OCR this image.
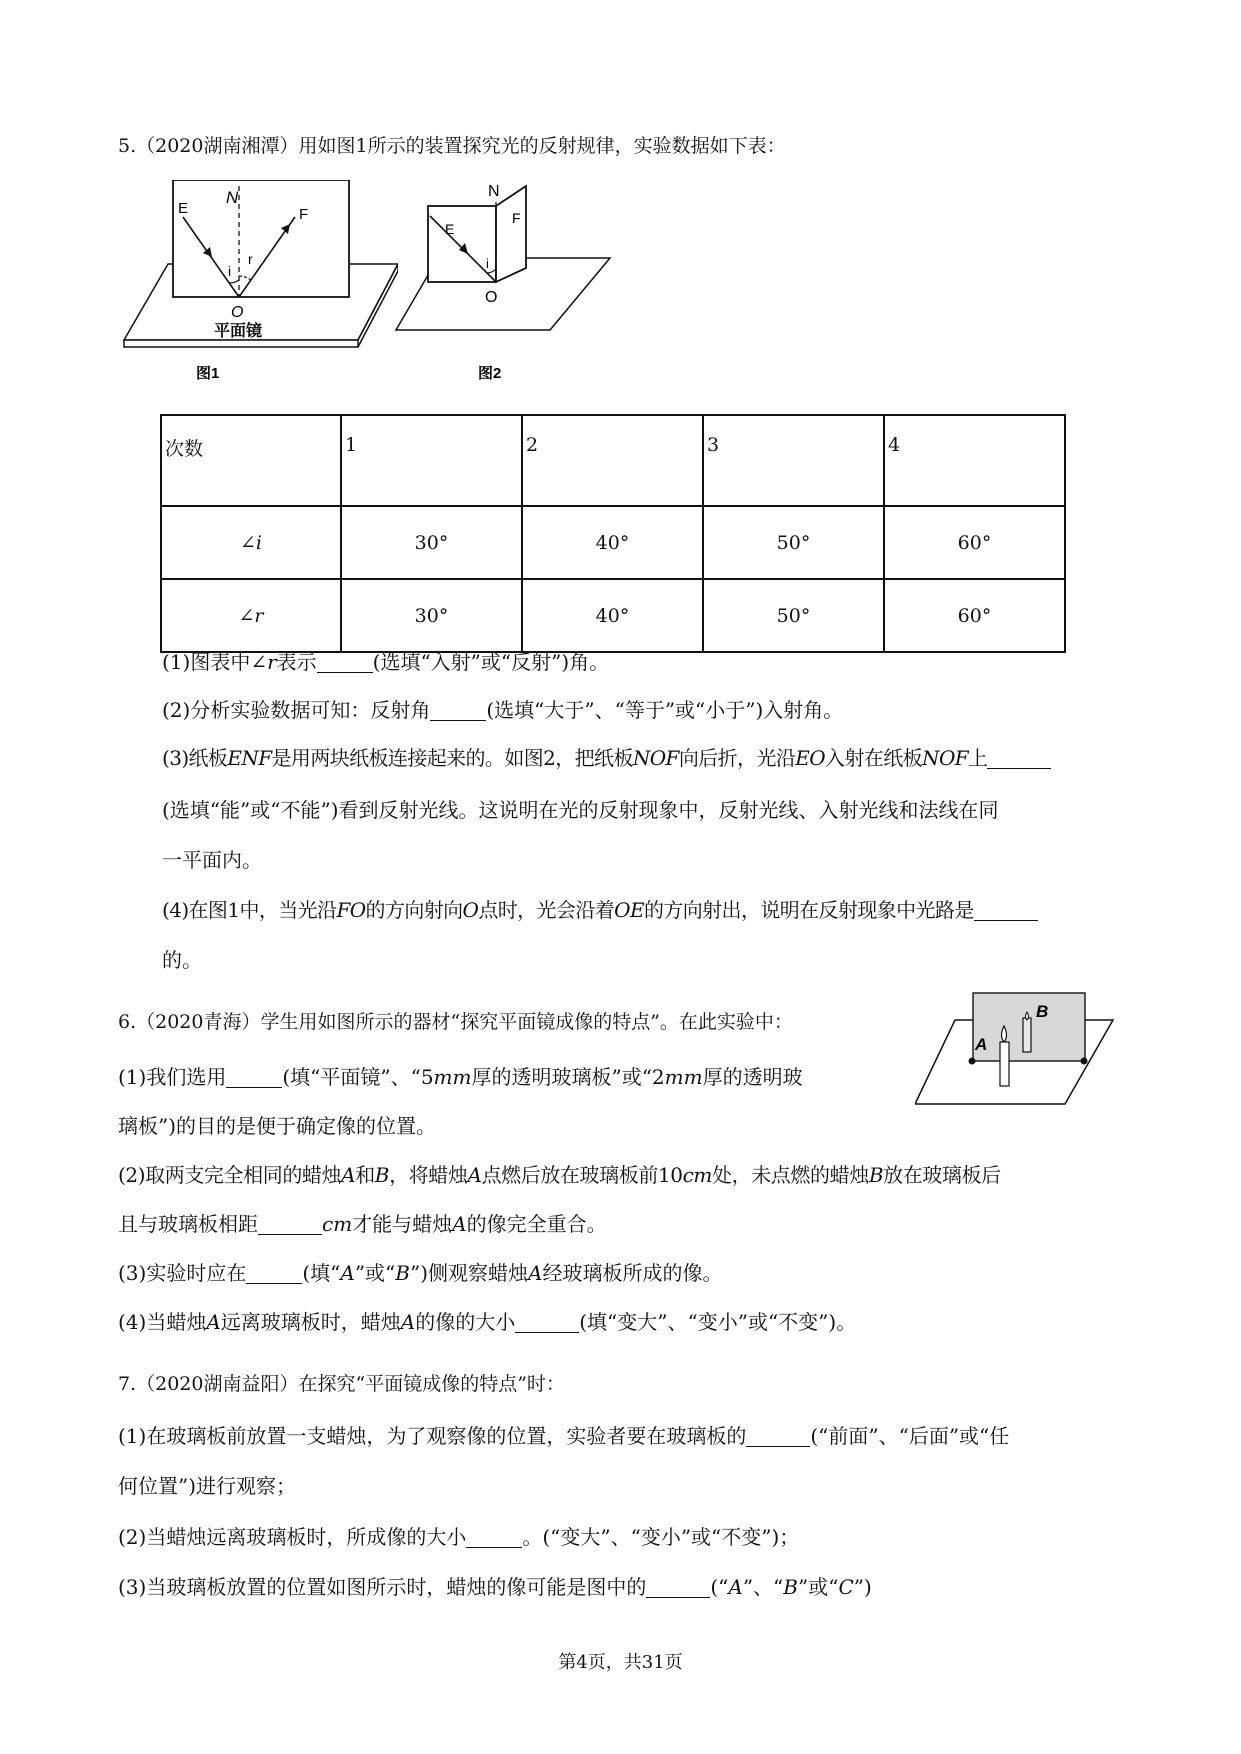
5.（2020湖南湘潭）用如图1所示的装置探究光的反射规律，实验数据如下表：
N
E	F
i
r
O
平面镜
图1
N
E
F
i
O
图2
次数	1	2	3	4
∠i	30°	40°	50°	60°
∠r	30°	40°	50°	60°
(1)图表中∠r表示	(选填“入射”或“反射”)角。
(2)分析实验数据可知：反射角	(选填“大于”、“等于”或“小于”)入射角。
(3)纸板ENF是用两块纸板连接起来的。如图2，把纸板NOF向后折，光沿EO入射在纸板NOF上
(选填“能”或“不能”)看到反射光线。这说明在光的反射现象中，反射光线、入射光线和法线在同
一平面内。
(4)在图1中，当光沿FO的方向射向O点时，光会沿着OE的方向射出，说明在反射现象中光路是
的。
6.（2020青海）学生用如图所示的器材“探究平面镜成像的特点”。在此实验中：
A
B
(1)我们选用	(填“平面镜”、“5mm厚的透明玻璃板”或“2mm厚的透明玻
璃板”)的目的是便于确定像的位置。
(2)取两支完全相同的蜡烛A和B，将蜡烛A点燃后放在玻璃板前10cm处，未点燃的蜡烛B放在玻璃板后
且与玻璃板相距	cm才能与蜡烛A的像完全重合。
(3)实验时应在	(填“A”或“B”)侧观察蜡烛A经玻璃板所成的像。
(4)当蜡烛A远离玻璃板时，蜡烛A的像的大小	(填“变大”、“变小”或“不变”)。
7.（2020湖南益阳）在探究“平面镜成像的特点”时：
(1)在玻璃板前放置一支蜡烛，为了观察像的位置，实验者要在玻璃板的	(“前面”、“后面”或“任
何位置”)进行观察；
(2)当蜡烛远离玻璃板时，所成像的大小	。(“变大”、“变小”或“不变”)；
(3)当玻璃板放置的位置如图所示时，蜡烛的像可能是图中的	(“A”、“B”或“C”)
第4页，共31页
